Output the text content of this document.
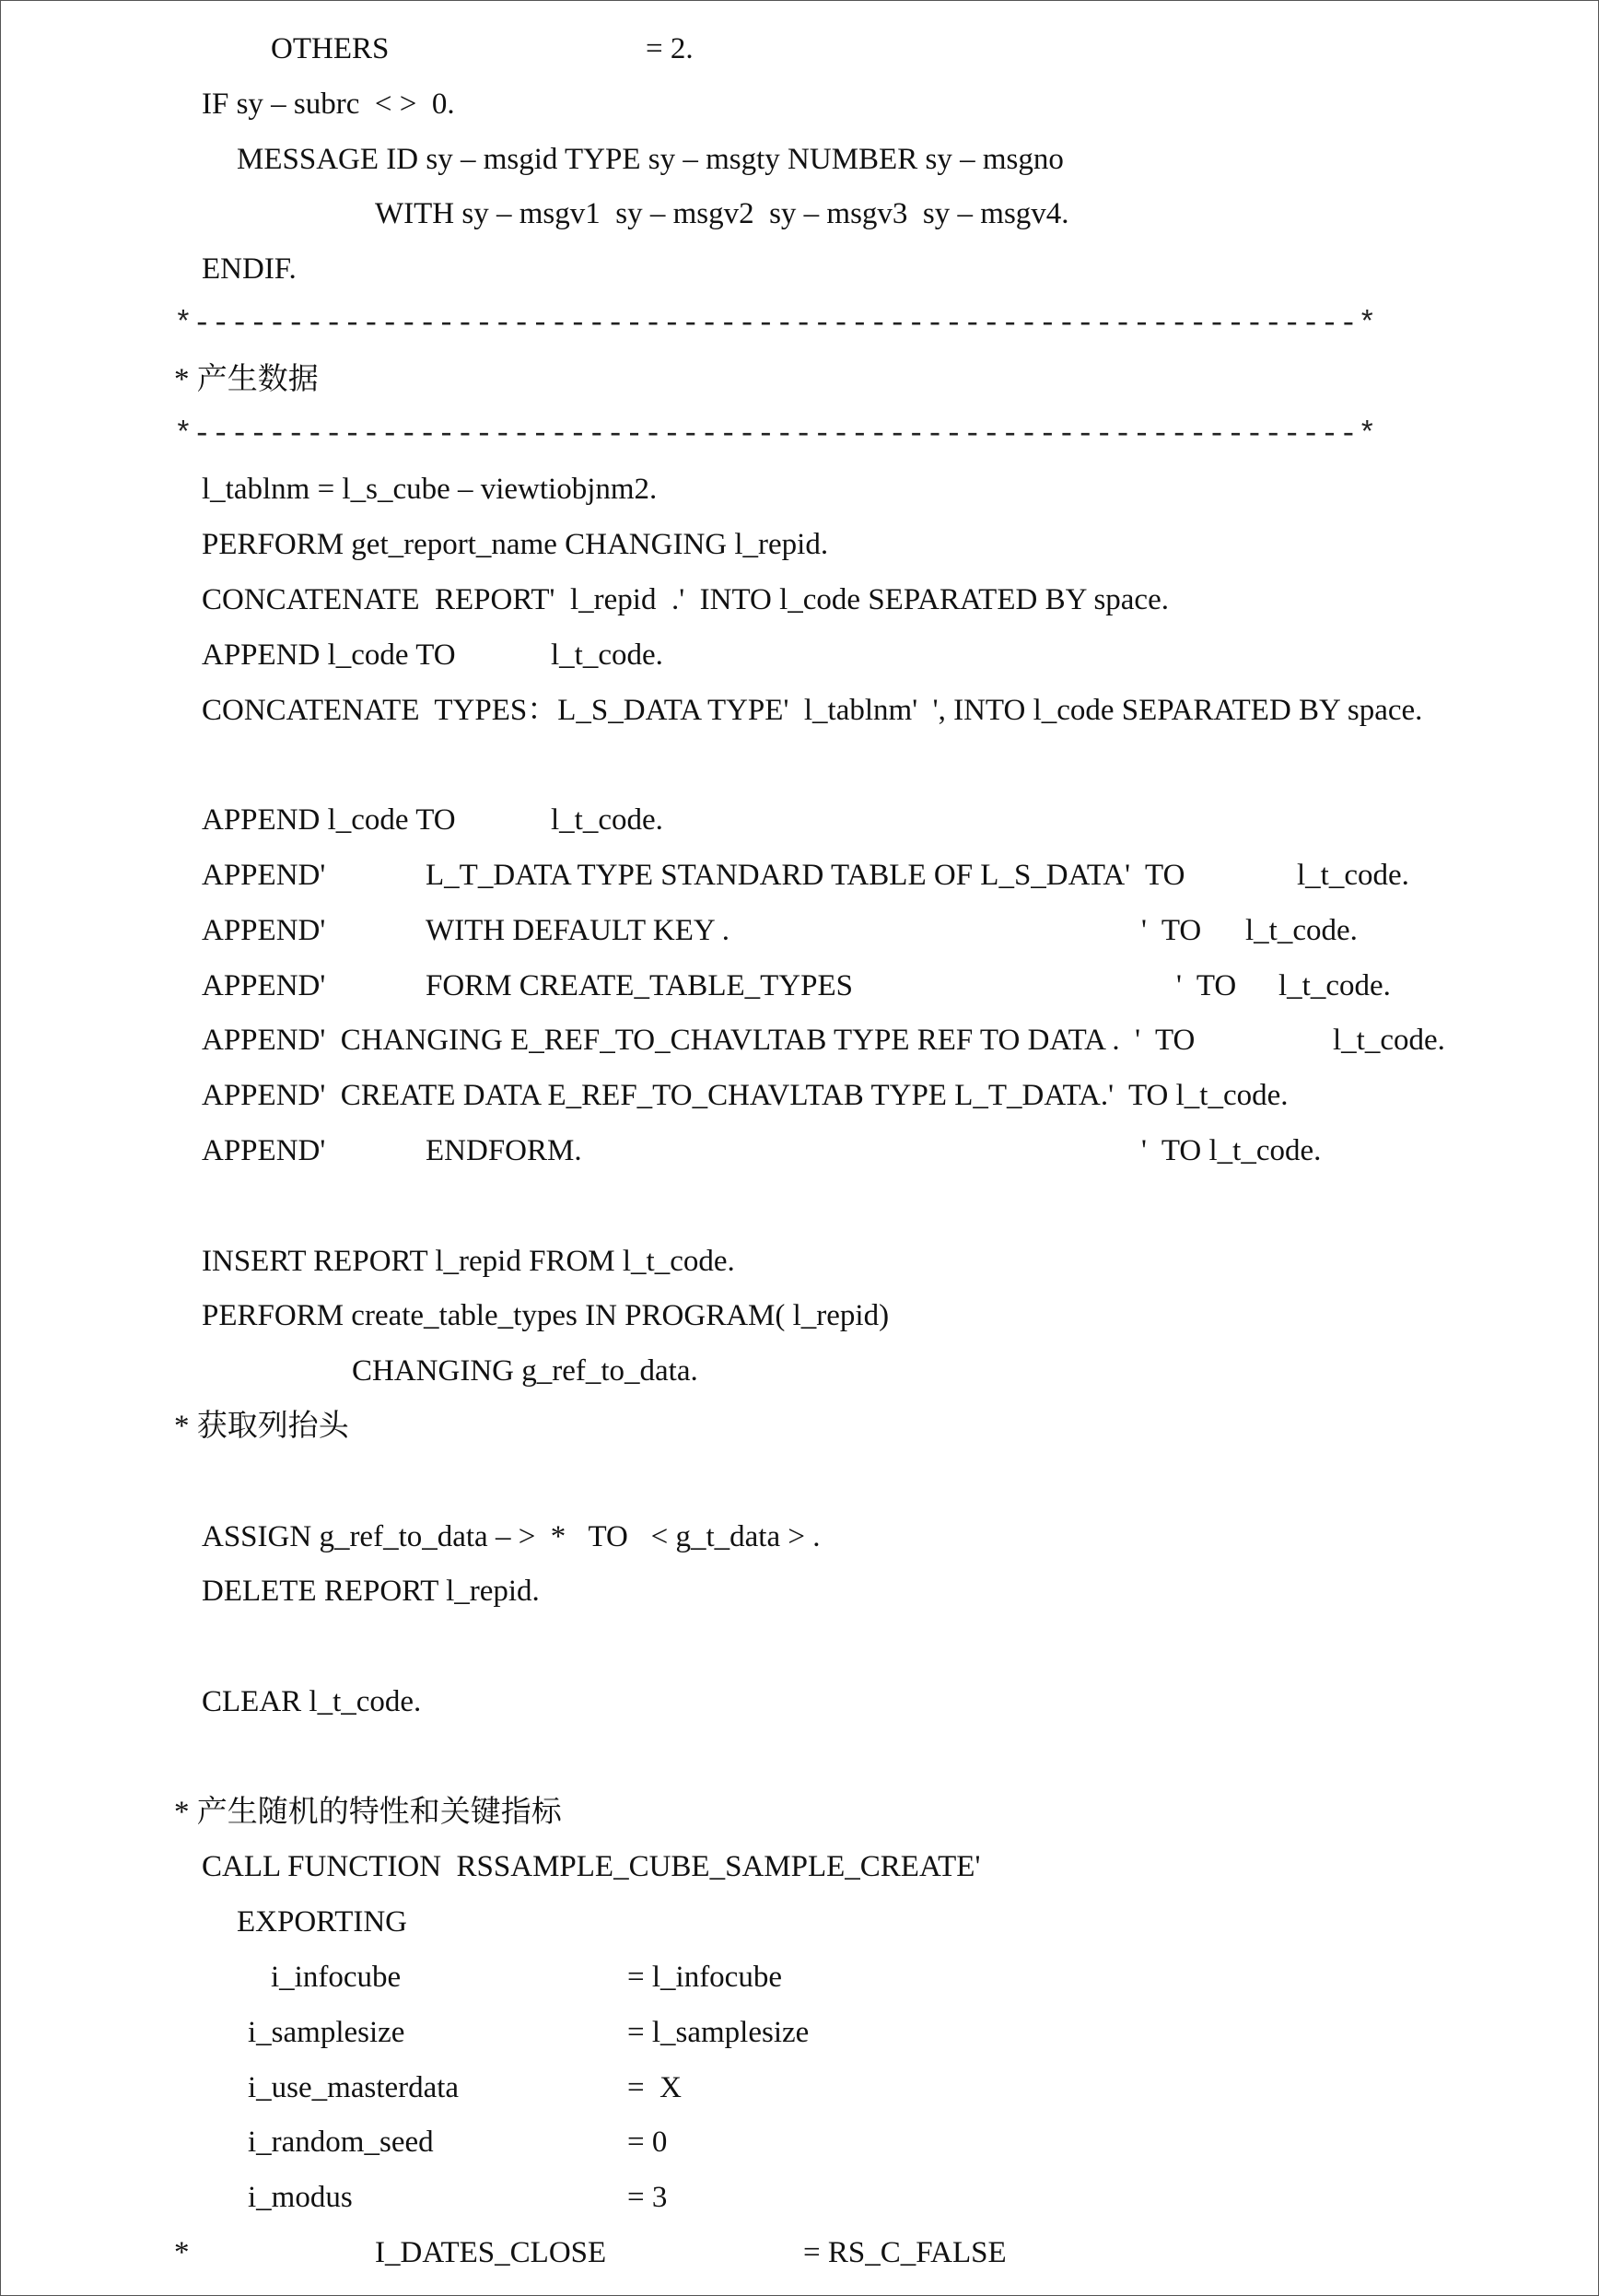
OTHERS	= 2.
IF sy – subrc  < >  0.
MESSAGE ID sy – msgid TYPE sy – msgty NUMBER sy – msgno
WITH sy – msgv1  sy – msgv2  sy – msgv3  sy – msgv4.
ENDIF.
*--------------------------------------------------------------*
* 产生数据
*--------------------------------------------------------------*
l_tablnm = l_s_cube – viewtiobjnm2.
PERFORM get_report_name CHANGING l_repid.
CONCATENATE  REPORT'  l_repid  .'  INTO l_code SEPARATED BY space.
APPEND l_code TO	l_t_code.
CONCATENATE  TYPES：L_S_DATA TYPE'  l_tablnm'  ', INTO l_code SEPARATED BY space.
APPEND l_code TO	l_t_code.
APPEND'	L_T_DATA TYPE STANDARD TABLE OF L_S_DATA'  TO	l_t_code.
APPEND'	WITH DEFAULT KEY .	'  TO l_t_code.
APPEND'	FORM CREATE_TABLE_TYPES	'  TO l_t_code.
APPEND'  CHANGING E_REF_TO_CHAVLTAB TYPE REF TO DATA .  '  TO	l_t_code.
APPEND'  CREATE DATA E_REF_TO_CHAVLTAB TYPE L_T_DATA.'  TO l_t_code.
APPEND'	ENDFORM.	'  TO l_t_code.
INSERT REPORT l_repid FROM l_t_code.
PERFORM create_table_types IN PROGRAM( l_repid)
CHANGING g_ref_to_data.
* 获取列抬头
ASSIGN g_ref_to_data – >  *   TO   < g_t_data > .
DELETE REPORT l_repid.
CLEAR l_t_code.
* 产生随机的特性和关键指标
CALL FUNCTION  RSSAMPLE_CUBE_SAMPLE_CREATE'
EXPORTING
i_infocube	= l_infocube
i_samplesize	= l_samplesize
i_use_masterdata	=  X
i_random_seed	= 0
i_modus	= 3
*	I_DATES_CLOSE	= RS_C_FALSE
